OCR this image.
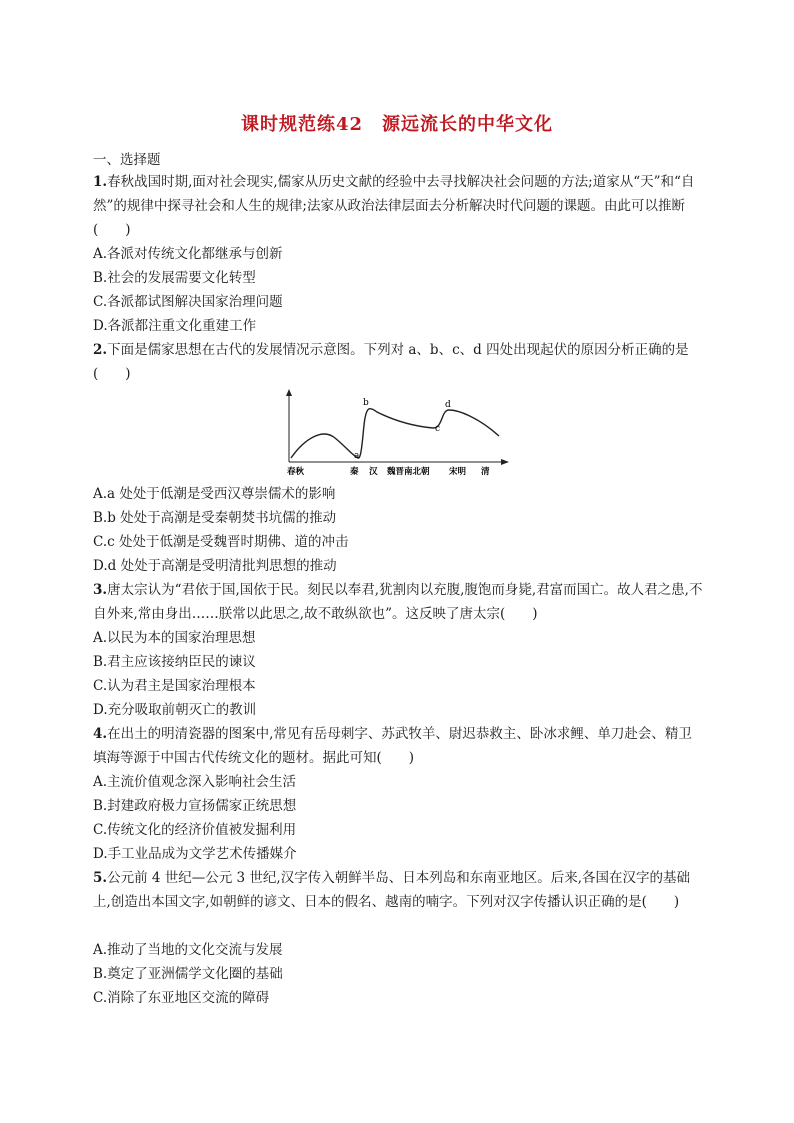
课时规范练42　源远流长的中华文化
一、选择题
1.春秋战国时期,面对社会现实,儒家从历史文献的经验中去寻找解决社会问题的方法;道家从“天”和“自然”的规律中探寻社会和人生的规律;法家从政治法律层面去分析解决时代问题的课题。由此可以推断(　　)
A.各派对传统文化都继承与创新
B.社会的发展需要文化转型
C.各派都试图解决国家治理问题
D.各派都注重文化重建工作
2.下面是儒家思想在古代的发展情况示意图。下列对 a、b、c、d 四处出现起伏的原因分析正确的是(　　)
a
b
c
d
春秋	秦 汉 魏晋南北朝 宋明 清
A.a 处处于低潮是受西汉尊崇儒术的影响
B.b 处处于高潮是受秦朝焚书坑儒的推动
C.c 处处于低潮是受魏晋时期佛、道的冲击
D.d 处处于高潮是受明清批判思想的推动
3.唐太宗认为“君依于国,国依于民。刻民以奉君,犹割肉以充腹,腹饱而身毙,君富而国亡。故人君之患,不自外来,常由身出……朕常以此思之,故不敢纵欲也”。这反映了唐太宗(　　)
A.以民为本的国家治理思想
B.君主应该接纳臣民的谏议
C.认为君主是国家治理根本
D.充分吸取前朝灭亡的教训
4.在出土的明清瓷器的图案中,常见有岳母刺字、苏武牧羊、尉迟恭救主、卧冰求鲤、单刀赴会、精卫填海等源于中国古代传统文化的题材。据此可知(　　)
A.主流价值观念深入影响社会生活
B.封建政府极力宣扬儒家正统思想
C.传统文化的经济价值被发掘利用
D.手工业品成为文学艺术传播媒介
5.公元前 4 世纪—公元 3 世纪,汉字传入朝鲜半岛、日本列岛和东南亚地区。后来,各国在汉字的基础上,创造出本国文字,如朝鲜的谚文、日本的假名、越南的喃字。下列对汉字传播认识正确的是(　　)
A.推动了当地的文化交流与发展
B.奠定了亚洲儒学文化圈的基础
C.消除了东亚地区交流的障碍
